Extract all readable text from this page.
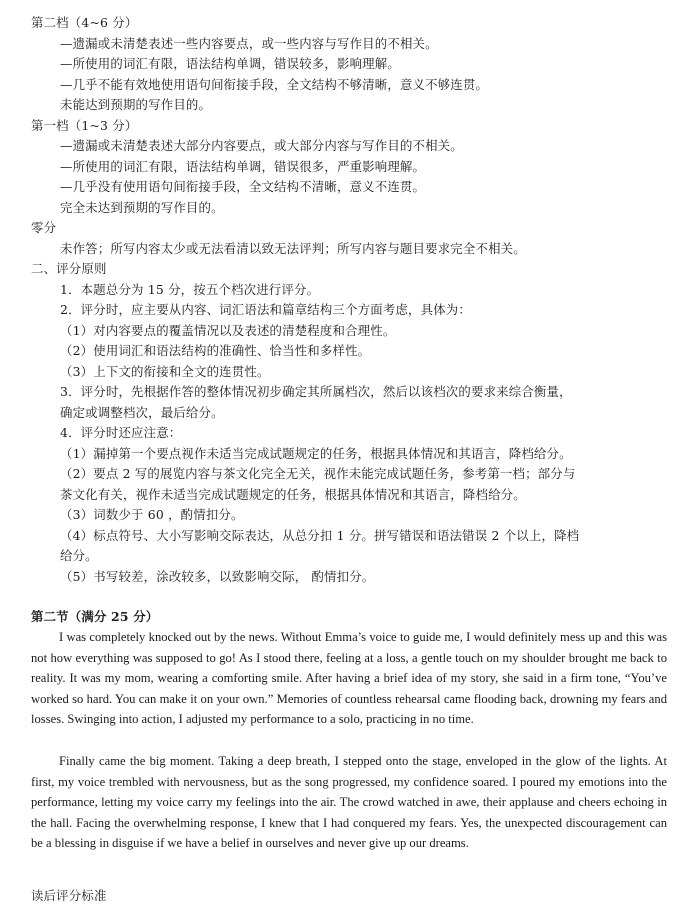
第二档（4~6 分）
—遗漏或未清楚表述一些内容要点，或一些内容与写作目的不相关。
—所使用的词汇有限，语法结构单调，错误较多，影响理解。
—几乎不能有效地使用语句间衔接手段，全文结构不够清晰，意义不够连贯。
未能达到预期的写作目的。
第一档（1~3 分）
—遗漏或未清楚表述大部分内容要点，或大部分内容与写作目的不相关。
—所使用的词汇有限，语法结构单调，错误很多，严重影响理解。
—几乎没有使用语句间衔接手段，全文结构不清晰，意义不连贯。
完全未达到预期的写作目的。
零分
未作答；所写内容太少或无法看清以致无法评判；所写内容与题目要求完全不相关。
二、评分原则
1．本题总分为 15 分，按五个档次进行评分。
2．评分时，应主要从内容、词汇语法和篇章结构三个方面考虑，具体为：
（1）对内容要点的覆盖情况以及表述的清楚程度和合理性。
（2）使用词汇和语法结构的准确性、恰当性和多样性。
（3）上下文的衔接和全文的连贯性。
3．评分时，先根据作答的整体情况初步确定其所属档次，然后以该档次的要求来综合衡量，
确定或调整档次，最后给分。
4．评分时还应注意：
（1）漏掉第一个要点视作未适当完成试题规定的任务，根据具体情况和其语言，降档给分。
（2）要点 2 写的展览内容与茶文化完全无关，视作未能完成试题任务，参考第一档；部分与
茶文化有关，视作未适当完成试题规定的任务，根据具体情况和其语言，降档给分。
（3）词数少于 60 ，酌情扣分。
（4）标点符号、大小写影响交际表达，从总分扣 1 分。拼写错误和语法错误 2 个以上，降档
给分。
（5）书写较差，涂改较多，以致影响交际， 酌情扣分。
第二节（满分 25 分）

I was completely knocked out by the news. Without Emma’s voice to guide me, I would definitely mess up and this was not how everything was supposed to go! As I stood there, feeling at a loss, a gentle touch on my shoulder brought me back to reality. It was my mom, wearing a comforting smile. After having a brief idea of my story, she said in a firm tone, “You’ve worked so hard. You can make it on your own.” Memories of countless rehearsal came flooding back, drowning my fears and losses. Swinging into action, I adjusted my performance to a solo, practicing in no time.

Finally came the big moment. Taking a deep breath, I stepped onto the stage, enveloped in the glow of the lights. At first, my voice trembled with nervousness, but as the song progressed, my confidence soared. I poured my emotions into the performance, letting my voice carry my feelings into the air. The crowd watched in awe, their applause and cheers echoing in the hall. Facing the overwhelming response, I knew that I had conquered my fears. Yes, the unexpected discouragement can be a blessing in disguise if we have a belief in ourselves and never give up our dreams.

读后评分标准
